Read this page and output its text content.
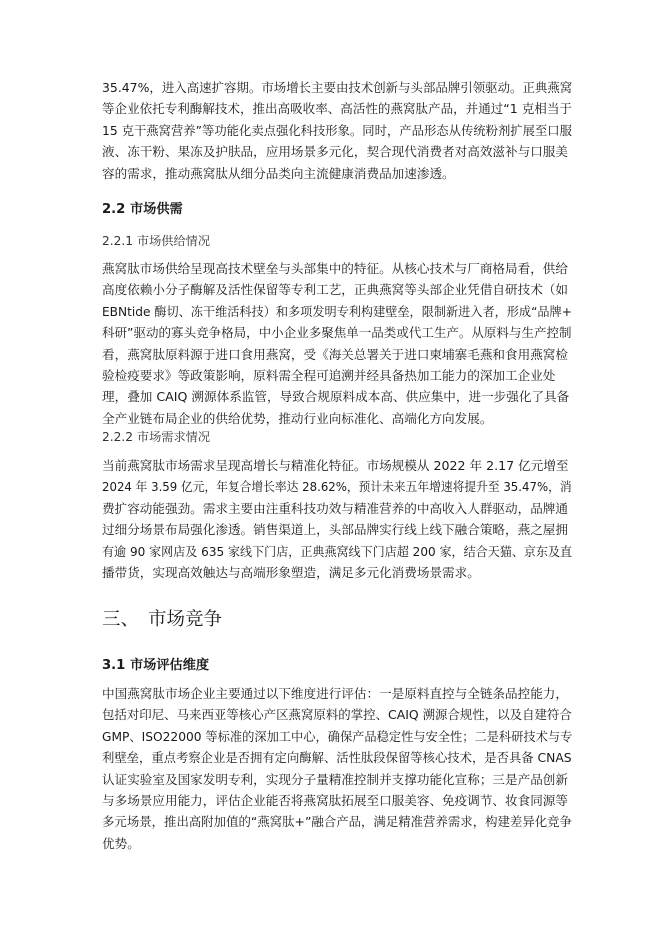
35.47%，进入高速扩容期。市场增长主要由技术创新与头部品牌引领驱动。正典燕窝
等企业依托专利酶解技术，推出高吸收率、高活性的燕窝肽产品，并通过“1 克相当于
15 克干燕窝营养”等功能化卖点强化科技形象。同时，产品形态从传统粉剂扩展至口服
液、冻干粉、果冻及护肤品，应用场景多元化，契合现代消费者对高效滋补与口服美
容的需求，推动燕窝肽从细分品类向主流健康消费品加速渗透。

2.2 市场供需
2.2.1 市场供给情况

燕窝肽市场供给呈现高技术壁垒与头部集中的特征。从核心技术与厂商格局看，供给
高度依赖小分子酶解及活性保留等专利工艺，正典燕窝等头部企业凭借自研技术（如
EBNtide 酶切、冻干维活科技）和多项发明专利构建壁垒，限制新进入者，形成“品牌+
科研”驱动的寡头竞争格局，中小企业多聚焦单一品类或代工生产。从原料与生产控制
看，燕窝肽原料源于进口食用燕窝，受《海关总署关于进口柬埔寨毛燕和食用燕窝检
验检疫要求》等政策影响，原料需全程可追溯并经具备热加工能力的深加工企业处
理，叠加 CAIQ 溯源体系监管，导致合规原料成本高、供应集中，进一步强化了具备
全产业链布局企业的供给优势，推动行业向标准化、高端化方向发展。

2.2.2 市场需求情况

当前燕窝肽市场需求呈现高增长与精准化特征。市场规模从 2022 年 2.17 亿元增至
2024 年 3.59 亿元，年复合增长率达 28.62%，预计未来五年增速将提升至 35.47%，消
费扩容动能强劲。需求主要由注重科技功效与精准营养的中高收入人群驱动，品牌通
过细分场景布局强化渗透。销售渠道上，头部品牌实行线上线下融合策略，燕之屋拥
有逾 90 家网店及 635 家线下门店，正典燕窝线下门店超 200 家，结合天猫、京东及直
播带货，实现高效触达与高端形象塑造，满足多元化消费场景需求。

三、 市场竞争
3.1 市场评估维度

中国燕窝肽市场企业主要通过以下维度进行评估：一是原料直控与全链条品控能力，
包括对印尼、马来西亚等核心产区燕窝原料的掌控、CAIQ 溯源合规性，以及自建符合
GMP、ISO22000 等标准的深加工中心，确保产品稳定性与安全性；二是科研技术与专
利壁垒，重点考察企业是否拥有定向酶解、活性肽段保留等核心技术，是否具备 CNAS
认证实验室及国家发明专利，实现分子量精准控制并支撑功能化宣称；三是产品创新
与多场景应用能力，评估企业能否将燕窝肽拓展至口服美容、免疫调节、妆食同源等
多元场景，推出高附加值的“燕窝肽+”融合产品，满足精准营养需求，构建差异化竞争
优势。
